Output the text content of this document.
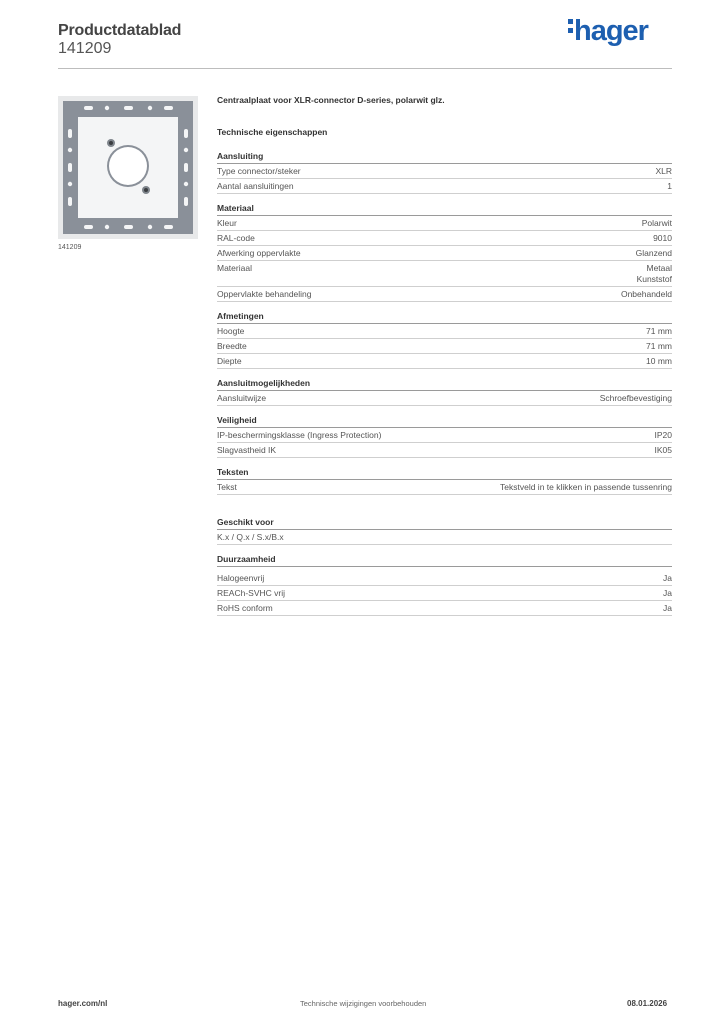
Productdatablad
141209
hager
141209
Centraalplaat voor XLR-connector D-series, polarwit glz.
Technische eigenschappen
Aansluiting
Type connector/steker	XLR
Aantal aansluitingen	1
Materiaal
Kleur	Polarwit
RAL-code	9010
Afwerking oppervlakte	Glanzend
Materiaal	Metaal
Kunststof
Oppervlakte behandeling	Onbehandeld
Afmetingen
Hoogte	71 mm
Breedte	71 mm
Diepte	10 mm
Aansluitmogelijkheden
Aansluitwijze	Schroefbevestiging
Veiligheid
IP-beschermingsklasse (Ingress Protection)	IP20
Slagvastheid IK	IK05
Teksten
Tekst	Tekstveld in te klikken in passende tussenring
Geschikt voor
K.x / Q.x / S.x/B.x
Duurzaamheid
Halogeenvrij	Ja
REACh-SVHC vrij	Ja
RoHS conform	Ja
hager.com/nl	Technische wijzigingen voorbehouden	08.01.2026
